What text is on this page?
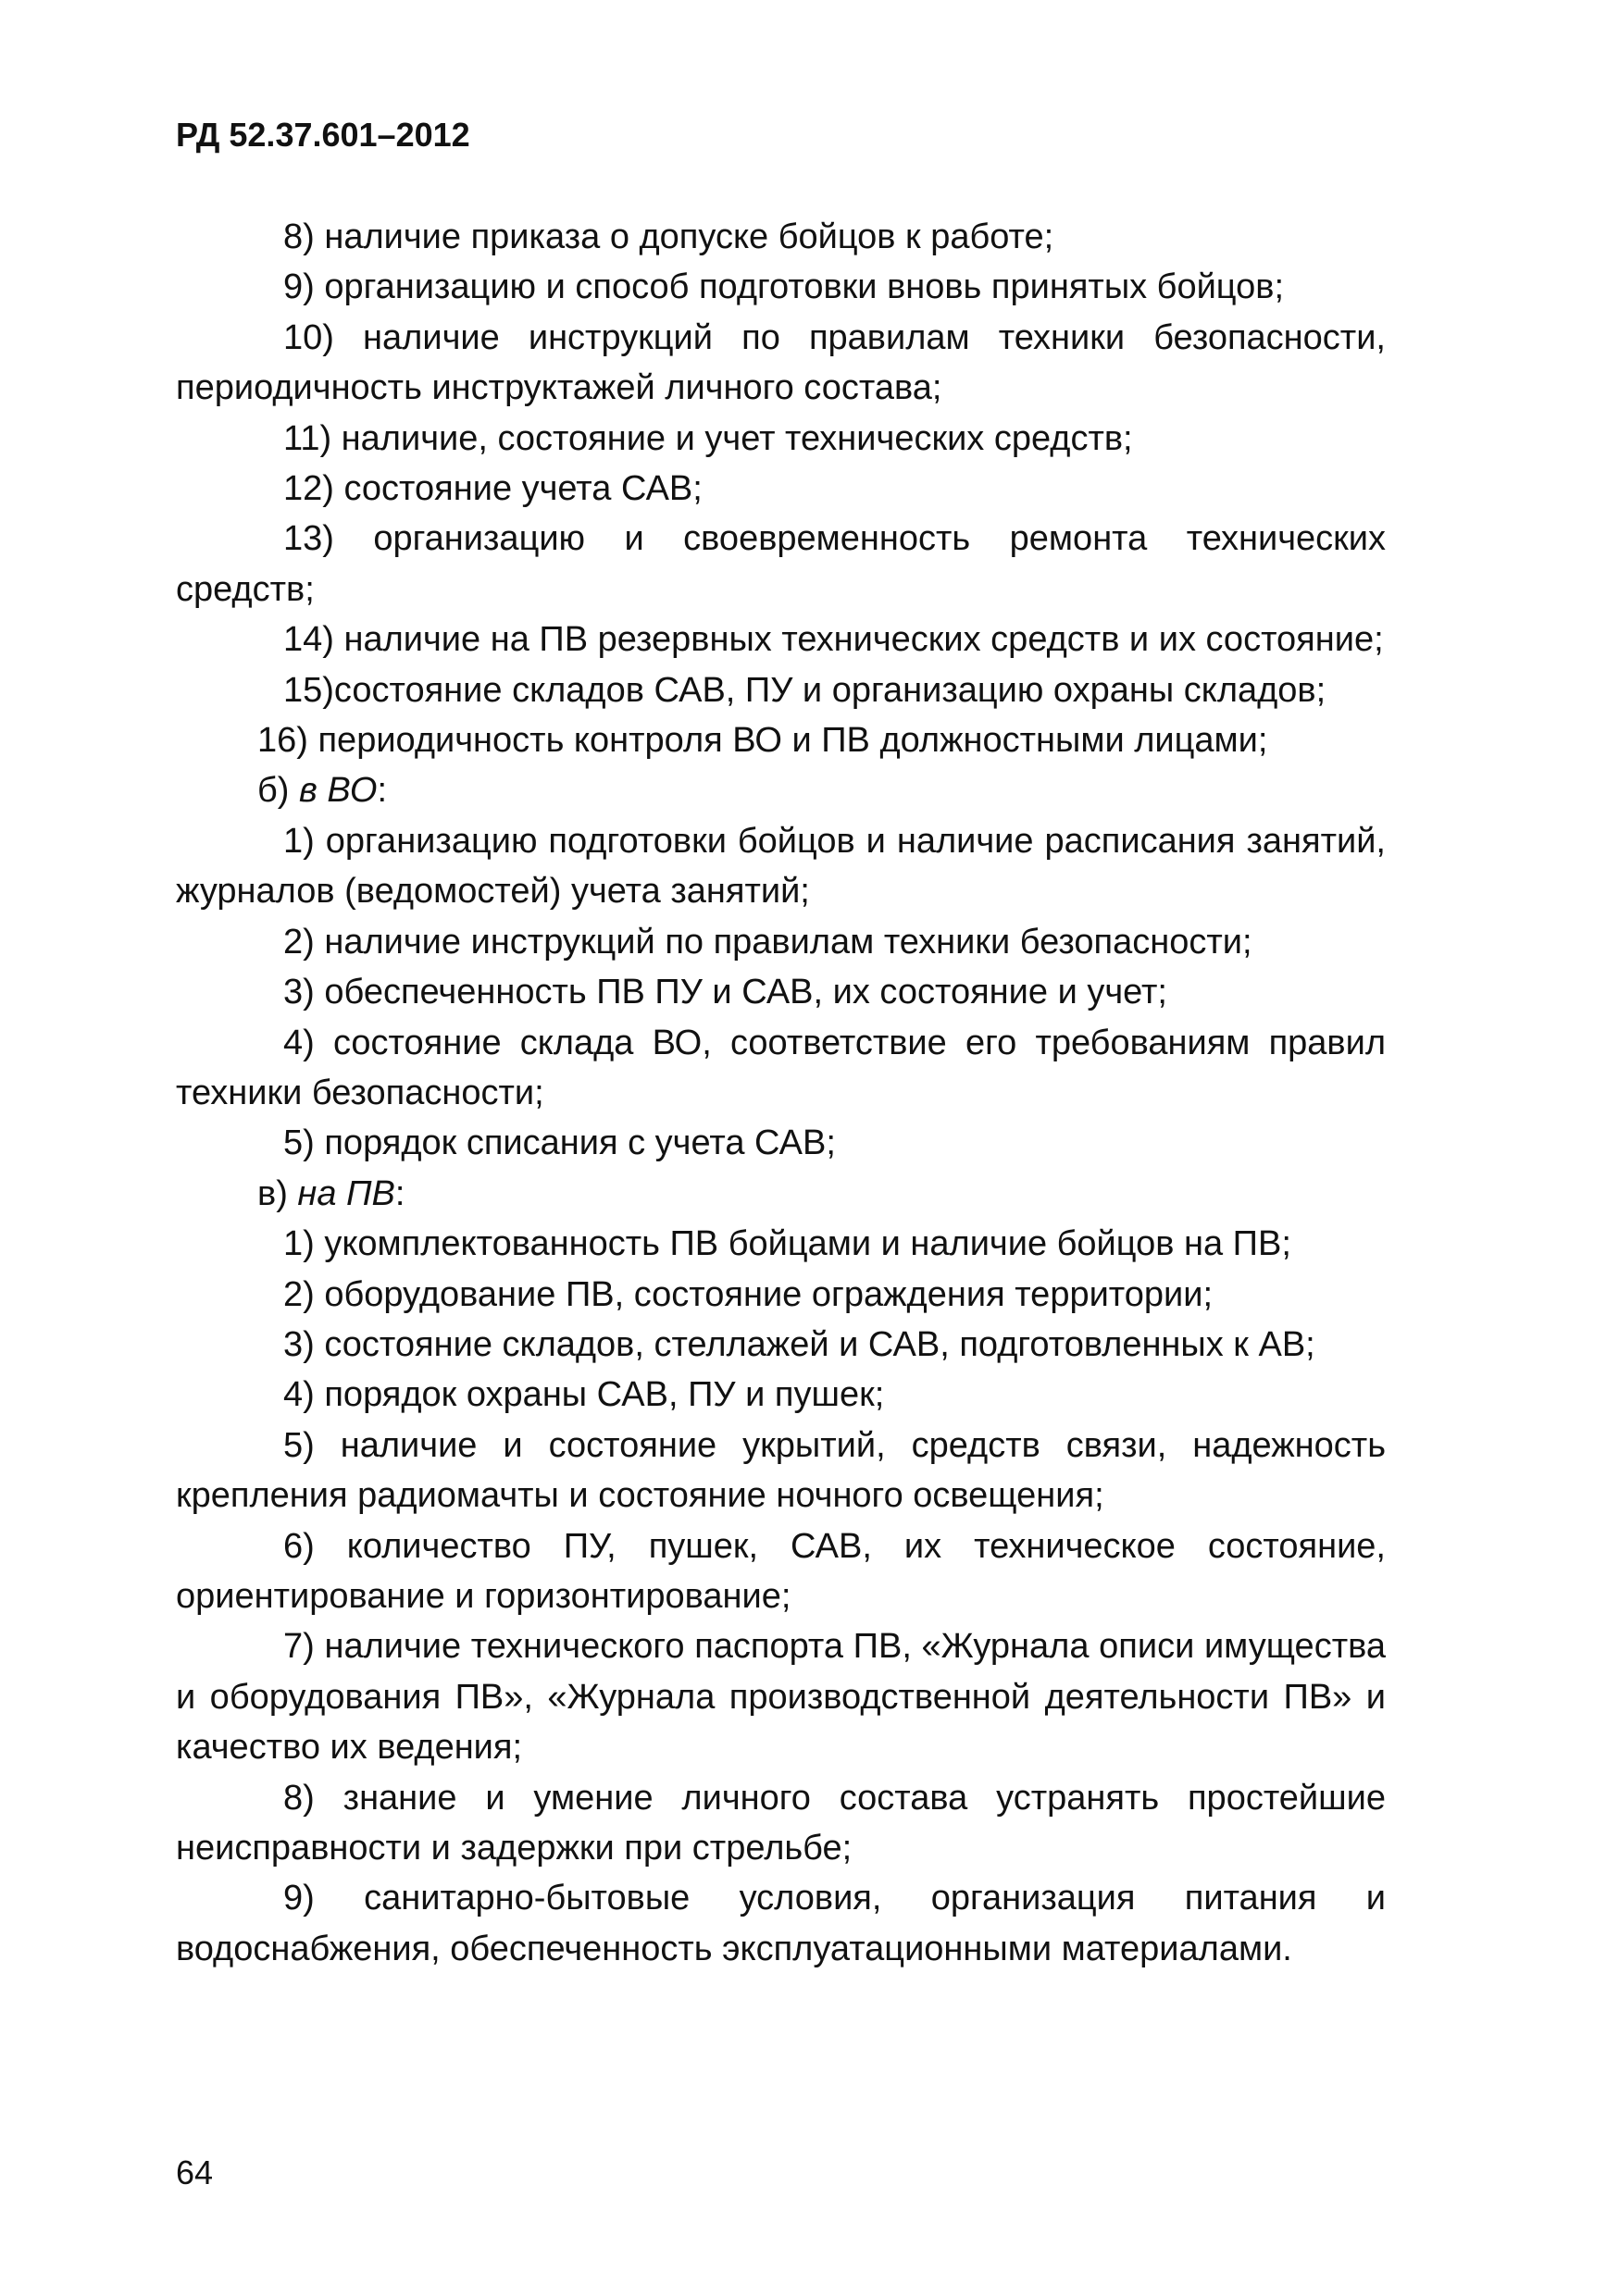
РД 52.37.601–2012

8) наличие приказа о допуске бойцов к работе;

9) организацию и способ подготовки вновь принятых бойцов;

10) наличие инструкций по правилам техники безопасности, периодичность инструктажей личного состава;

11) наличие, состояние и учет технических средств;

12) состояние учета САВ;

13) организацию и своевременность ремонта технических средств;

14) наличие на ПВ резервных технических средств и их состояние;

15)состояние складов САВ, ПУ и организацию охраны складов;

16) периодичность контроля ВО и ПВ должностными лицами;

б) в ВО:

1) организацию подготовки бойцов и наличие расписания занятий, журналов (ведомостей) учета занятий;

2) наличие инструкций по правилам техники безопасности;

3) обеспеченность ПВ ПУ и САВ, их состояние и учет;

4) состояние склада ВО, соответствие его требованиям правил техники безопасности;

5) порядок списания с учета САВ;

в) на ПВ:

1) укомплектованность ПВ бойцами и наличие бойцов на ПВ;

2) оборудование ПВ, состояние ограждения территории;

3) состояние складов, стеллажей и САВ, подготовленных к АВ;

4) порядок охраны САВ, ПУ и пушек;

5) наличие и состояние укрытий, средств связи, надежность крепления радиомачты и состояние ночного освещения;

6) количество ПУ, пушек, САВ, их техническое состояние, ориентирование и горизонтирование;

7) наличие технического паспорта ПВ, «Журнала описи имущества и оборудования ПВ», «Журнала производственной деятельности ПВ» и качество их ведения;

8) знание и умение личного состава устранять простейшие неисправности и задержки при стрельбе;

9) санитарно-бытовые условия, организация питания и водоснабжения, обеспеченность эксплуатационными материалами.

64
